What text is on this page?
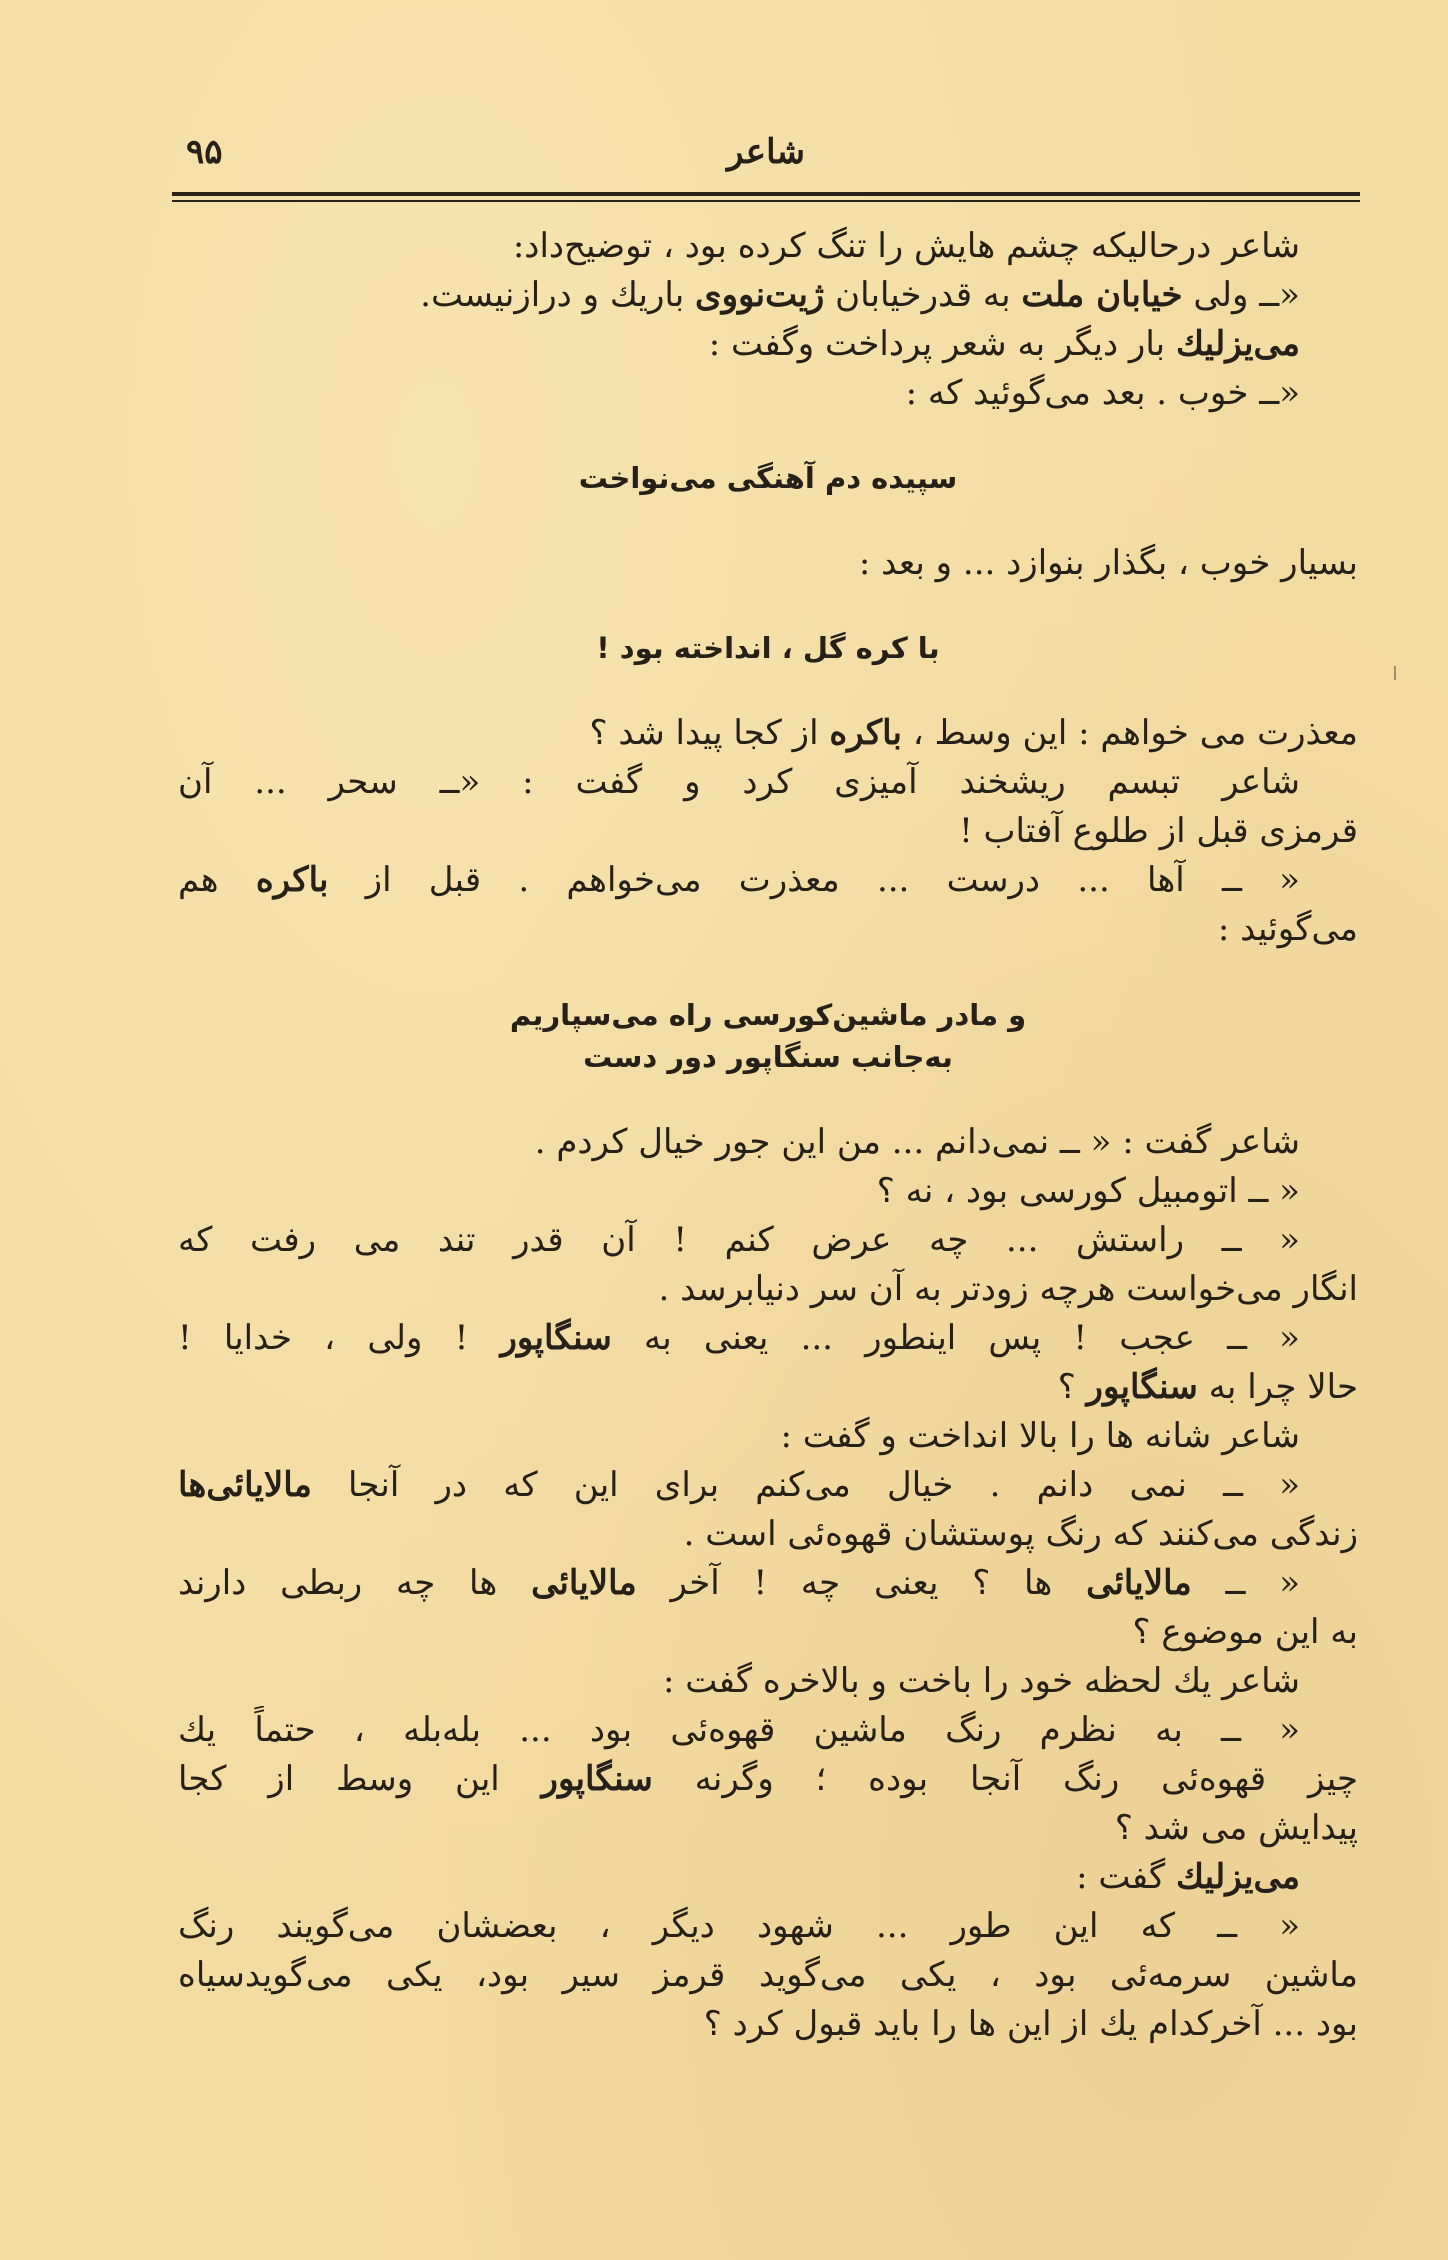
۹۵	شاعر
شاعر درحالیکه چشم هایش را تنگ کرده بود ، توضیح‌داد:
«ــ ولی خیابان ملت به قدرخیابان ژیت‌نووی باریك و درازنیست.
می‌یزلیك بار دیگر به شعر پرداخت وگفت :
«ــ خوب . بعد می‌گوئید که :
سپیده دم آهنگی می‌نواخت
بسیار خوب ، بگذار بنوازد ... و بعد :
با کره گل ، انداخته بود !
معذرت می خواهم : این وسط ، باکره از کجا پیدا شد ؟
شاعر تبسم ریشخند آمیزی کرد و گفت : «ــ سحر ... آن
قرمزی قبل از طلوع آفتاب !
« ــ آها ... درست ... معذرت می‌خواهم . قبل از باکره هم
می‌گوئید :
و مادر ماشین‌کورسی راه می‌سپاریم
به‌جانب سنگاپور دور دست
شاعر گفت : « ــ نمی‌دانم ... من این جور خیال کردم .
« ــ اتومبیل کورسی بود ، نه ؟
« ــ راستش ... چه عرض کنم ! آن قدر تند می رفت که
انگار می‌خواست هرچه زودتر به آن سر دنیابرسد .
« ــ عجب ! پس اینطور ... یعنی به سنگاپور ! ولی ، خدایا !
حالا چرا به سنگاپور ؟
شاعر شانه ها را بالا انداخت و گفت :
« ــ نمی دانم . خیال می‌کنم برای این که در آنجا مالایائی‌ها
زندگی می‌کنند که رنگ پوستشان قهوه‌ئی است .
« ــ مالایائی ها ؟ یعنی چه ! آخر مالایائی ها چه ربطی دارند
به این موضوع ؟
شاعر یك لحظه خود را باخت و بالاخره گفت :
« ــ به نظرم رنگ ماشین قهوه‌ئی بود ... بله‌بله ، حتماً یك
چیز قهوه‌ئی رنگ آنجا بوده ؛ وگرنه سنگاپور این وسط از کجا
پیدایش می شد ؟
می‌یزلیك گفت :
« ــ که این طور ... شهود دیگر ، بعضشان می‌گویند رنگ
ماشین سرمه‌ئی بود ، یکی می‌گوید قرمز سیر بود، یکی می‌گویدسیاه
بود ... آخرکدام یك از این ها را باید قبول کرد ؟
